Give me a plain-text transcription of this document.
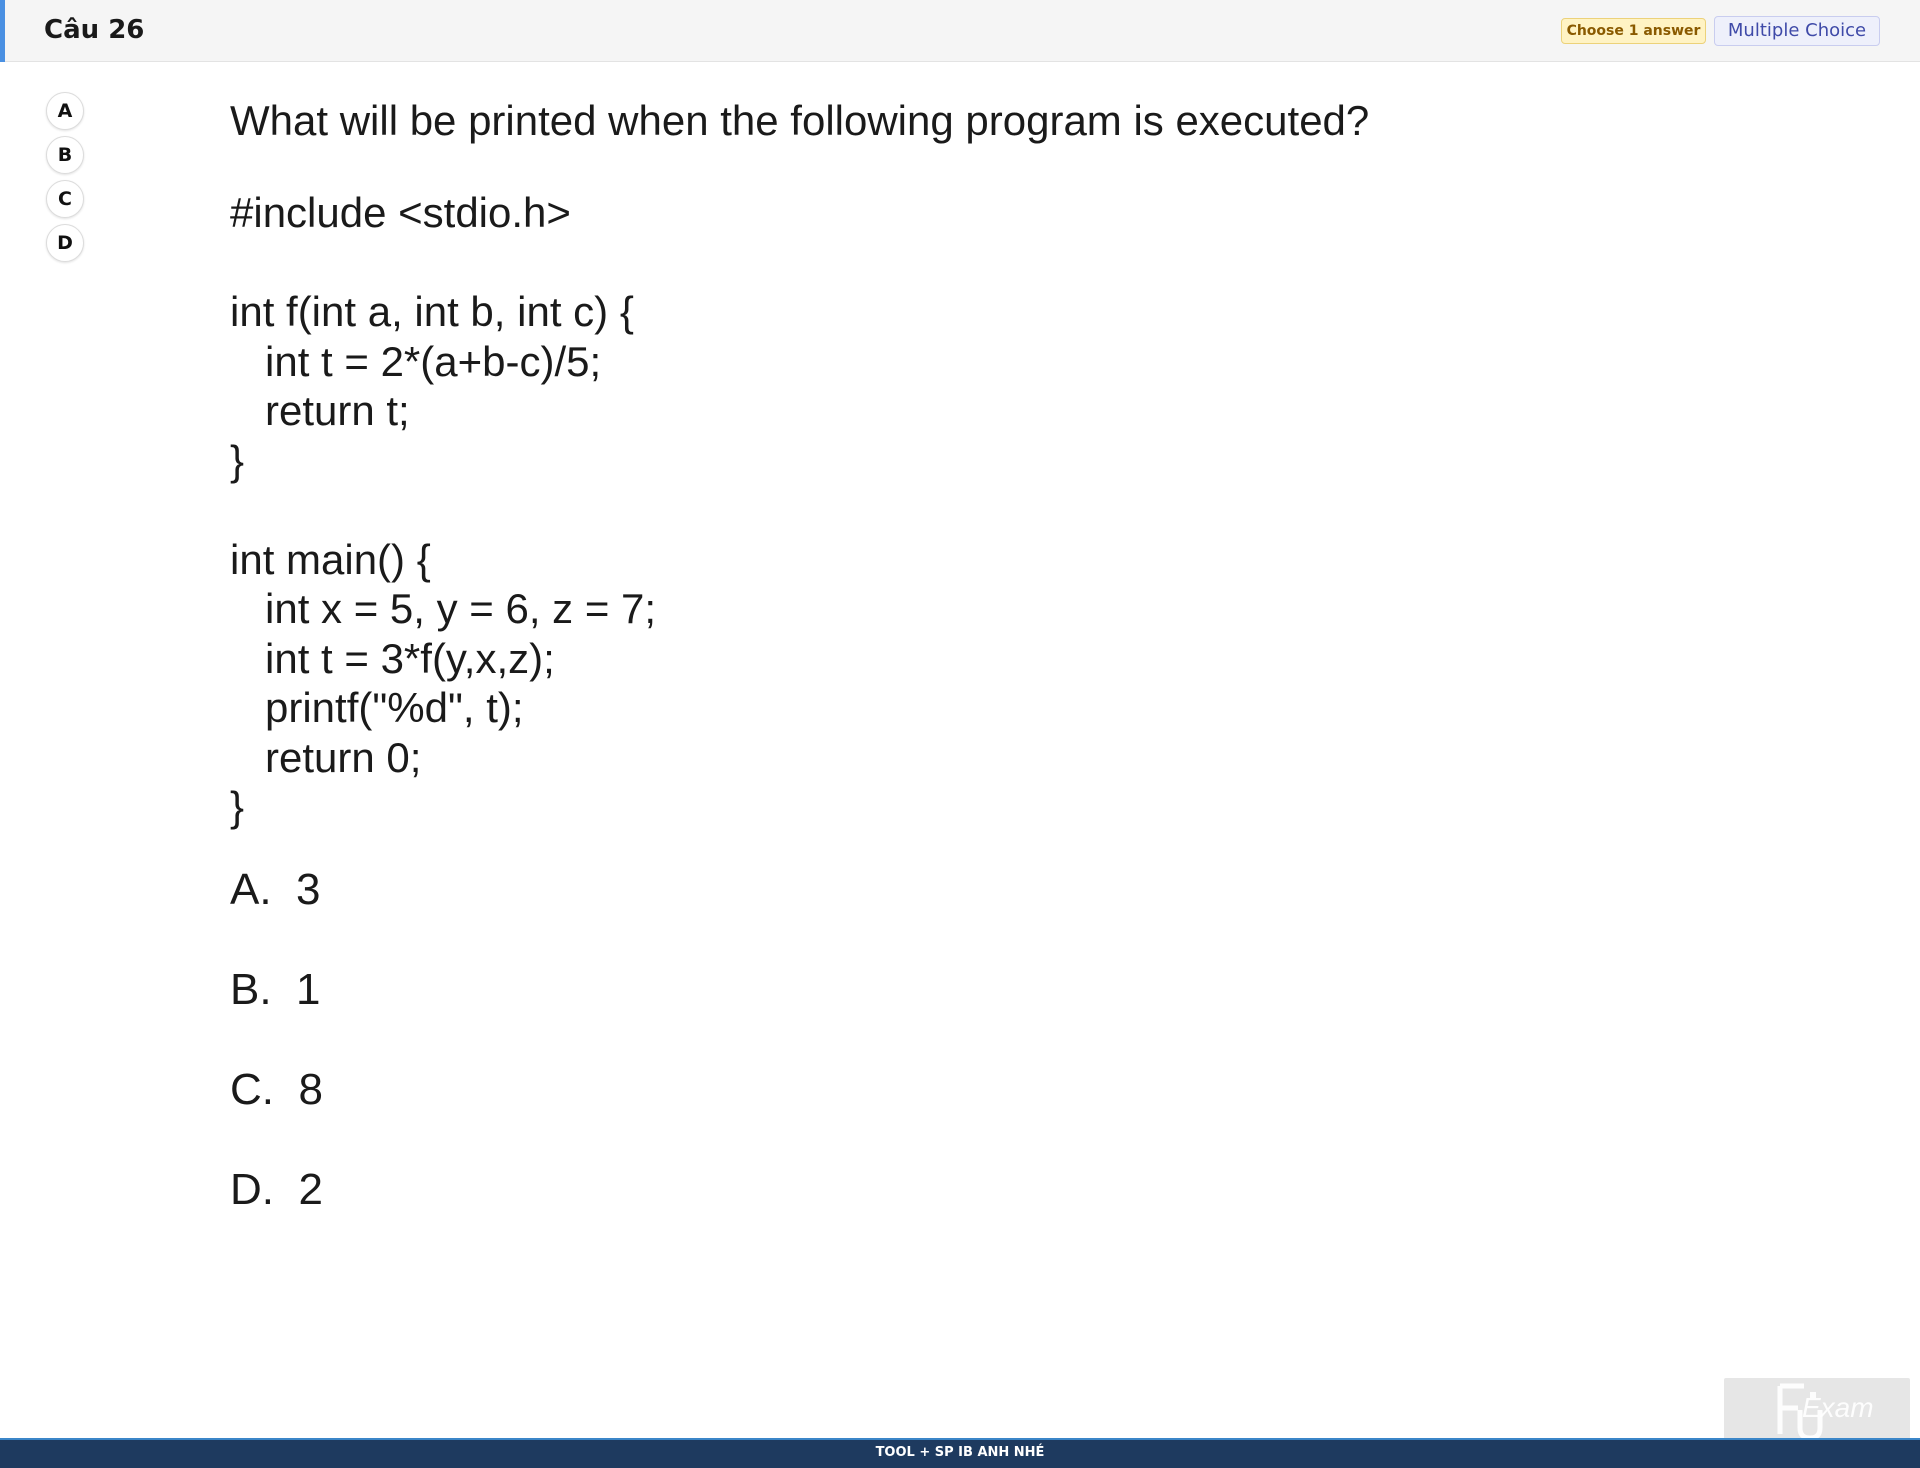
Câu 26	Choose 1 answer	Multiple Choice
A
B
C
D
What will be printed when the following program is executed?
#include <stdio.h>

int f(int a, int b, int c) {
int t = 2*(a+b-c)/5;
return t;
}

int main() {
int x = 5, y = 6, z = 7;
int t = 3*f(y,x,z);
printf("%d", t);
return 0;
}
A.  3
B.  1
C.  8
D.  2
Exam
TOOL + SP IB ANH NHÉ
